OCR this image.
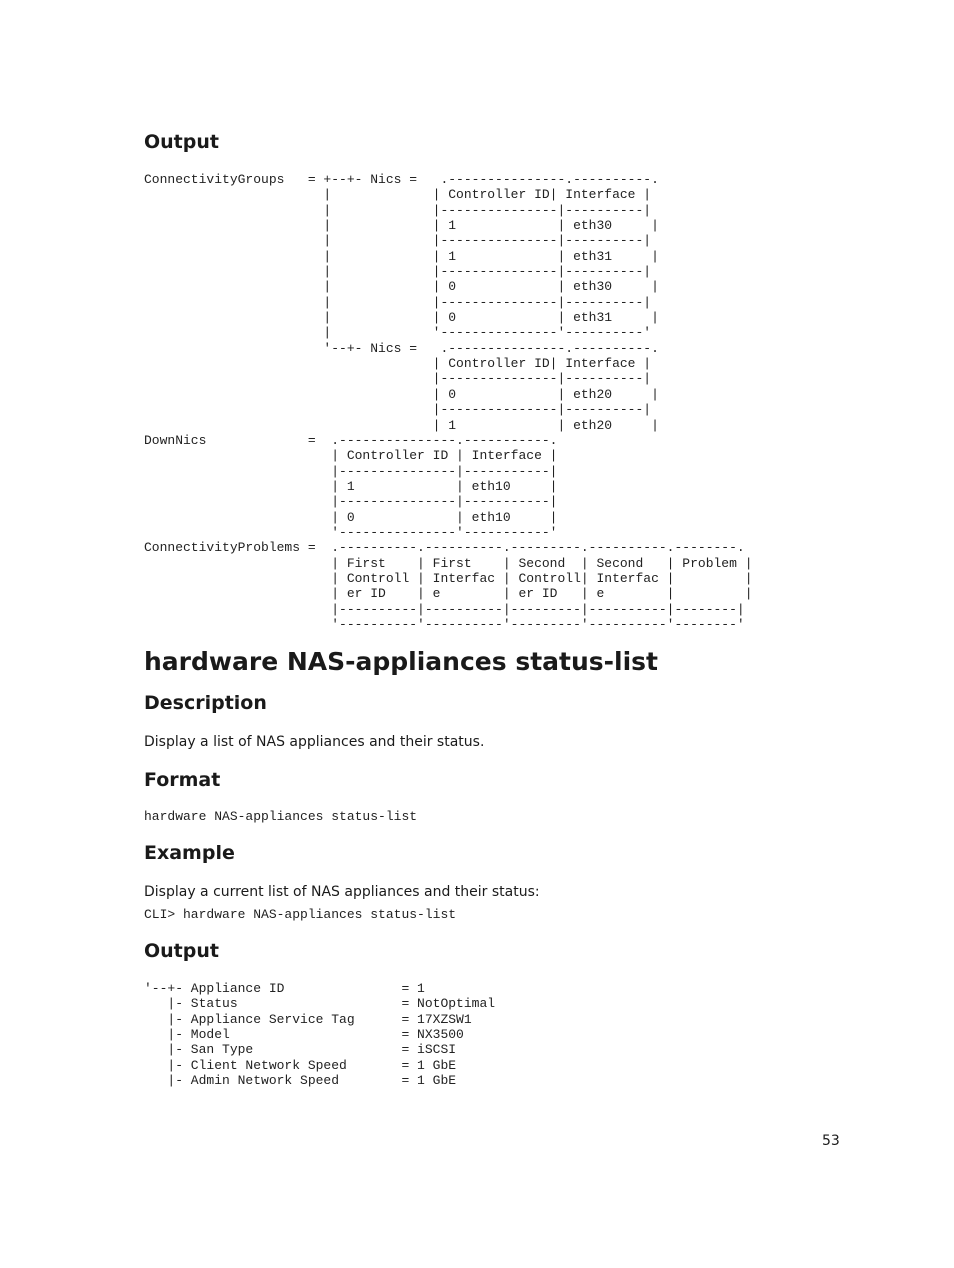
Output
ConnectivityGroups   = +--+- Nics =   .---------------.----------.
|             | Controller ID| Interface |
|             |---------------|----------|
|             | 1             | eth30     |
|             |---------------|----------|
|             | 1             | eth31     |
|             |---------------|----------|
|             | 0             | eth30     |
|             |---------------|----------|
|             | 0             | eth31     |
|             '---------------'----------'
'--+- Nics =   .---------------.----------.
| Controller ID| Interface |
|---------------|----------|
| 0             | eth20     |
|---------------|----------|
| 1             | eth20     |
DownNics             =  .---------------.-----------.
| Controller ID | Interface |
|---------------|-----------|
| 1             | eth10     |
|---------------|-----------|
| 0             | eth10     |
'---------------'-----------'
ConnectivityProblems =  .----------.----------.---------.----------.--------.
| First    | First    | Second  | Second   | Problem |
| Controll | Interfac | Controll| Interfac |         |
| er ID    | e        | er ID   | e        |         |
|----------|----------|---------|----------|--------|
'----------'----------'---------'----------'--------'
hardware NAS-appliances status-list
Description

Display a list of NAS appliances and their status.

Format
hardware NAS-appliances status-list
Example

Display a current list of NAS appliances and their status:

CLI> hardware NAS-appliances status-list
Output
'--+- Appliance ID               = 1
|- Status                     = NotOptimal
|- Appliance Service Tag      = 17XZSW1
|- Model                      = NX3500
|- San Type                   = iSCSI
|- Client Network Speed       = 1 GbE
|- Admin Network Speed        = 1 GbE
53
